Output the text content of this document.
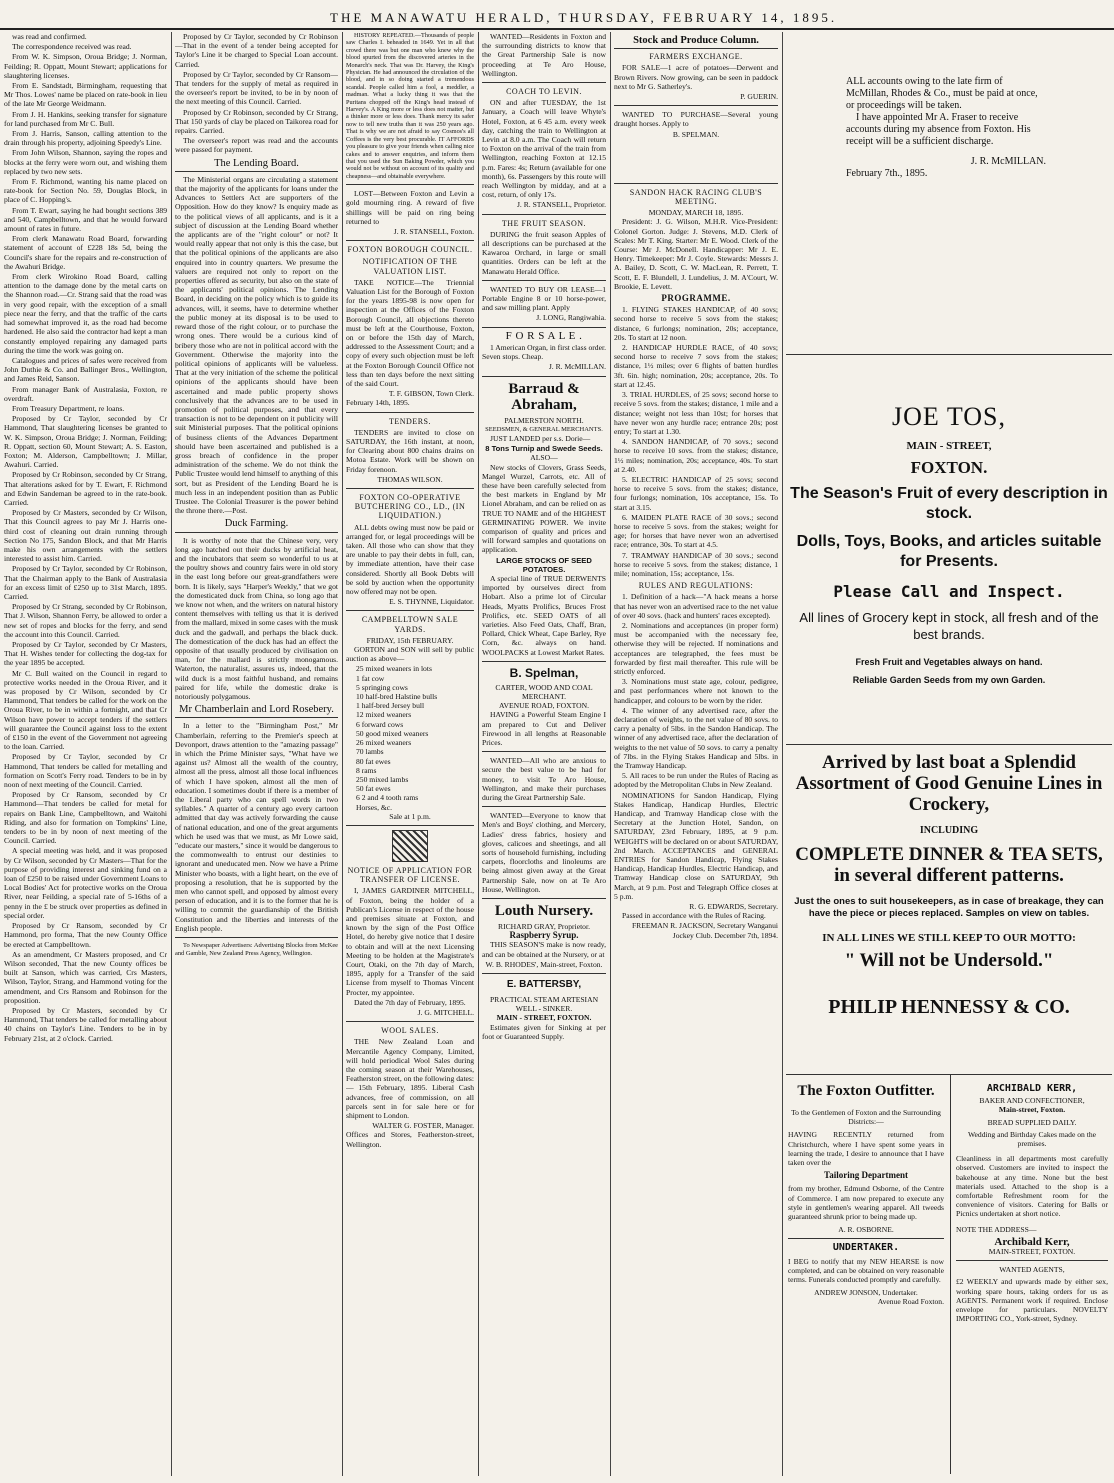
THE MANAWATU HERALD, THURSDAY, FEBRUARY 14, 1895.

was read and confirmed.

The correspondence received was read.

From W. K. Simpson, Oroua Bridge; J. Norman, Feilding; R. Oppatt, Mount Stewart; applications for slaughtering licenses.

From E. Sandstadt, Birmingham, requesting that Mr Thos. Lowes' name be placed on rate-book in lieu of the late Mr George Weidmann.

From J. H. Hankins, seeking transfer for signature for land purchased from Mr C. Bull.

From J. Harris, Sanson, calling attention to the drain through his property, adjoining Speedy's Line.

From John Wilson, Shannon, saying the ropes and blocks at the ferry were worn out, and wishing them replaced by two new sets.

From F. Richmond, wanting his name placed on rate-book for Section No. 59, Douglas Block, in place of C. Hopping's.

From T. Ewart, saying he had bought sections 389 and 540, Campbelltown, and that he would forward amount of rates in future.

From clerk Manawatu Road Board, forwarding statement of account of £228 18s 5d, being the Council's share for the repairs and re-construction of the Awahuri Bridge.

From clerk Wirokino Road Board, calling attention to the damage done by the metal carts on the Shannon road.—Cr. Strang said that the road was in very good repair, with the exception of a small piece near the ferry, and that the traffic of the carts had somewhat improved it, as the road had become hardened. He also said the contractor had kept a man constantly employed repairing any damaged parts during the time the work was going on.

Catalogues and prices of safes were received from John Duthie & Co. and Ballinger Bros., Wellington, and James Reid, Sanson.

From manager Bank of Australasia, Foxton, re overdraft.

From Treasury Department, re loans.

Proposed by Cr Taylor, seconded by Cr Hammond, That slaughtering licenses be granted to W. K. Simpson, Oroua Bridge; J. Norman, Feilding; R. Oppatt, section 60, Mount Stewart; A. S. Easton, Foxton; M. Alderson, Campbelltown; J. Millar, Awahuri. Carried.

Proposed by Cr Robinson, seconded by Cr Strang, That alterations asked for by T. Ewart, F. Richmond and Edwin Sandeman be agreed to in the rate-book. Carried.

Proposed by Cr Masters, seconded by Cr Wilson, That this Council agrees to pay Mr J. Harris one-third cost of cleaning out drain running through Section No 175, Sandon Block, and that Mr Harris make his own arrangements with the settlers interested to assist him. Carried.

Proposed by Cr Taylor, seconded by Cr Robinson, That the Chairman apply to the Bank of Australasia for an excess limit of £250 up to 31st March, 1895. Carried.

Proposed by Cr Strang, seconded by Cr Robinson, That J. Wilson, Shannon Ferry, be allowed to order a new set of ropes and blocks for the ferry, and send the account into this Council. Carried.

Proposed by Cr Taylor, seconded by Cr Masters, That H. Wishes tender for collecting the dog-tax for the year 1895 be accepted.

Mr C. Bull waited on the Council in regard to protective works needed in the Oroua River, and it was proposed by Cr Wilson, seconded by Cr Hammond, That tenders be called for the work on the Oroua River, to be in within a fortnight, and that Cr Wilson have power to accept tenders if the settlers will guarantee the Council against loss to the extent of £150 in the event of the Government not agreeing to the loan. Carried.

Proposed by Cr Taylor, seconded by Cr Hammond, That tenders be called for metalling and formation on Scott's Ferry road. Tenders to be in by noon of next meeting of the Council. Carried.

Proposed by Cr Ransom, seconded by Cr Hammond—That tenders be called for metal for repairs on Bank Line, Campbelltown, and Waitohi Riding, and also for formation on Tompkins' Line, tenders to be in by noon of next meeting of the Council. Carried.

A special meeting was held, and it was proposed by Cr Wilson, seconded by Cr Masters—That for the purpose of providing interest and sinking fund on a loan of £250 to be raised under Government Loans to Local Bodies' Act for protective works on the Oroua River, near Feilding, a special rate of 5-16ths of a penny in the £ be struck over properties as defined in special order.

Proposed by Cr Ransom, seconded by Cr Hammond, pro forma, That the new County Office be erected at Campbelltown.

As an amendment, Cr Masters proposed, and Cr Wilson seconded, That the new County offices be built at Sanson, which was carried, Crs Masters, Wilson, Taylor, Strang, and Hammond voting for the amendment, and Crs Ransom and Robinson for the proposition.

Proposed by Cr Masters, seconded by Cr Hammond, That tenders be called for metalling about 40 chains on Taylor's Line. Tenders to be in by February 21st, at 2 o'clock. Carried.

Proposed by Cr Taylor, seconded by Cr Robinson—That in the event of a tender being accepted for Taylor's Line it be charged to Special Loan account. Carried.

Proposed by Cr Taylor, seconded by Cr Ransom—That tenders for the supply of metal as required in the overseer's report be invited, to be in by noon of the next meeting of this Council. Carried.

Proposed by Cr Robinson, seconded by Cr Strang, That 150 yards of clay be placed on Taikorea road for repairs. Carried.

The overseer's report was read and the accounts were passed for payment.

The Lending Board.

The Ministerial organs are circulating a statement that the majority of the applicants for loans under the Advances to Settlers Act are supporters of the Opposition. How do they know? Is enquiry made as to the political views of all applicants, and is it a subject of discussion at the Lending Board whether the applicants are of the "right colour" or not? It would really appear that not only is this the case, but that the political opinions of the applicants are also enquired into in country quarters. We presume the valuers are required not only to report on the properties offered as security, but also on the state of the applicants' political opinions. The Lending Board, in deciding on the policy which is to guide its advances, will, it seems, have to determine whether the public money at its disposal is to be used to reward those of the right colour, or to purchase the wrong ones. There would be a curious kind of bribery those who are not in political accord with the Government. Otherwise the majority into the political opinions of applicants will be valueless. That at the very initiation of the scheme the political opinions of the applicants should have been ascertained and made public property shows conclusively that the advances are to be used in promotion of political purposes, and that every transaction is not to be dependent on it publicity will suit Ministerial purposes. That the political opinions of business clients of the Advances Department should have been ascertained and published is a gross breach of confidence in the proper administration of the scheme. We do not think the Public Trustee would lend himself to anything of this sort, but as President of the Lending Board he is much less in an independent position than as Public Trustee. The Colonial Treasurer is the power behind the throne there.—Post.

Duck Farming.

It is worthy of note that the Chinese very, very long ago hatched out their ducks by artificial heat, and the incubators that seem so wonderful to us at the poultry shows and country fairs were in old story in the east long before our great-grandfathers were born. It is likely, says "Harper's Weekly," that we got the domesticated duck from China, so long ago that we know not when, and the writers on natural history content themselves with telling us that it is derived from the mallard, mixed in some cases with the musk duck and the gadwall, and perhaps the black duck. The domestication of the duck has had an effect the opposite of that usually produced by civilisation on man, for the mallard is strictly monogamous. Waterton, the naturalist, assures us, indeed, that the wild duck is a most faithful husband, and remains paired for life, while the domestic drake is notoriously polygamous.

Mr Chamberlain and Lord Rosebery.

In a letter to the "Birmingham Post," Mr Chamberlain, referring to the Premier's speech at Devonport, draws attention to the "amazing passage" in which the Prime Minister says, "What have we against us? Almost all the wealth of the country, almost all the press, almost all those local influences of which I have spoken, almost all the men of education. I sometimes doubt if there is a member of the Liberal party who can spell words in two syllables." A quarter of a century ago every cartoon admitted that day was actively forwarding the cause of national education, and one of the great arguments which he used was that we must, as Mr Lowe said, "educate our masters," since it would be dangerous to the commonwealth to entrust our destinies to ignorant and uneducated men. Now we have a Prime Minister who boasts, with a light heart, on the eve of proposing a resolution, that he is supported by the men who cannot spell, and opposed by almost every person of education, and it is to the former that he is willing to commit the guardianship of the British Constitution and the liberties and interests of the English people.

To Newspaper Advertisers: Advertising Blocks from McKee and Gamble, New Zealand Press Agency, Wellington.

HISTORY REPEATED.—Thousands of people saw Charles I. beheaded in 1649. Yet in all that crowd there was but one man who knew why the blood spurted from the discovered arteries in the Monarch's neck. That was Dr. Harvey, the King's Physician. He had announced the circulation of the blood, and in so doing started a tremendous scandal. People called him a fool, a meddler, a madman. What a lucky thing it was that the Puritans chopped off the King's head instead of Harvey's. A King more or less does not matter, but a thinker more or less does. Thank mercy its safer now to tell new truths than it was 250 years ago. That is why we are not afraid to say Cosmos's all Coffees is the very best procurable. IT AFFORDS you pleasure to give your friends when calling nice cakes and to answer enquiries, and inform them that you used the Sun Baking Powder, which you would not be without on account of its quality and cheapness—and obtainable everywhere.

LOST—Between Foxton and Levin a gold mourning ring. A reward of five shillings will be paid on ring being returned to

J. R. STANSELL, Foxton.
FOXTON BOROUGH COUNCIL.
NOTIFICATION OF THE VALUATION LIST.

TAKE NOTICE—The Triennial Valuation List for the Borough of Foxton for the years 1895-98 is now open for inspection at the Offices of the Foxton Borough Council, all objections thereto must be left at the Courthouse, Foxton, on or before the 15th day of March, addressed to the Assessment Court; and a copy of every such objection must be left at the Foxton Borough Council Office not less than ten days before the next sitting of the said Court.

T. F. GIBSON, Town Clerk.
February 14th, 1895.
TENDERS.

TENDERS are invited to close on SATURDAY, the 16th instant, at noon, for Clearing about 800 chains drains on Motoa Estate. Work will be shown on Friday forenoon.

THOMAS WILSON.
FOXTON CO-OPERATIVE BUTCHERING CO., LD., (IN LIQUIDATION.)

ALL debts owing must now be paid or arranged for, or legal proceedings will be taken. All those who can show that they are unable to pay their debts in full, can, by immediate attention, have their case considered. Shortly all Book Debts will be sold by auction when the opportunity now offered may not be open.

E. S. THYNNE, Liquidator.
CAMPBELLTOWN SALE YARDS.
FRIDAY, 15th FEBRUARY.

GORTON and SON will sell by public auction as above—

25 mixed weaners in lots
1 fat cow
5 springing cows
10 half-bred Halstine bulls
1 half-bred Jersey bull
12 mixed weaners
6 forward cows
50 good mixed weaners
26 mixed weaners
70 lambs
80 fat ewes
8 rams
250 mixed lambs
50 fat ewes
6 2 and 4 tooth rams
Horses, &c.
Sale at 1 p.m.
NOTICE OF APPLICATION FOR TRANSFER OF LICENSE.

I, JAMES GARDINER MITCHELL, of Foxton, being the holder of a Publican's License in respect of the house and premises situate at Foxton, and known by the sign of the Post Office Hotel, do hereby give notice that I desire to obtain and will at the next Licensing Meeting to be holden at the Magistrate's Court, Otaki, on the 7th day of March, 1895, apply for a Transfer of the said License from myself to Thomas Vincent Procter, my appointee.

Dated the 7th day of February, 1895.

J. G. MITCHELL.
WOOL SALES.

THE New Zealand Loan and Mercantile Agency Company, Limited, will hold periodical Wool Sales during the coming season at their Warehouses, Featherston street, on the following dates:— 15th February, 1895. Liberal Cash advances, free of commission, on all parcels sent in for sale here or for shipment to London.

WALTER G. FOSTER, Manager.
Offices and Stores, Featherston-street, Wellington.

WANTED—Residents in Foxton and the surrounding districts to know that the Great Partnership Sale is now proceeding at Te Aro House, Wellington.

COACH TO LEVIN.

ON and after TUESDAY, the 1st January, a Coach will leave Whyte's Hotel, Foxton, at 6 45 a.m. every week day, catching the train to Wellington at Levin at 8.0 a.m. The Coach will return to Foxton on the arrival of the train from Wellington, reaching Foxton at 12.15 p.m. Fares: 4s; Return (available for one month), 6s. Passengers by this route will reach Wellington by midday, and at a cost, return, of only 17s.

J. R. STANSELL, Proprietor.
THE FRUIT SEASON.

DURING the fruit season Apples of all descriptions can be purchased at the Kawaroa Orchard, in large or small quantities. Orders can be left at the Manawatu Herald Office.

WANTED TO BUY OR LEASE—1 Portable Engine 8 or 10 horse-power, and saw milling plant. Apply

J. LONG, Rangiwahia.
F O R S A L E .

1 American Organ, in first class order. Seven stops. Cheap.

J. R. McMILLAN.
Barraud & Abraham,
PALMERSTON NORTH.
SEEDSMEN, & GENERAL MERCHANTS.

JUST LANDED per s.s. Dorie—

8 Tons Turnip and Swede Seeds.
ALSO—

New stocks of Clovers, Grass Seeds, Mangel Wurzel, Carrots, etc. All of these have been carefully selected from the best markets in England by Mr Lionel Abraham, and can be relied on as TRUE TO NAME and of the HIGHEST GERMINATING POWER. We invite comparison of quality and prices and will forward samples and quotations on application.

LARGE STOCKS OF SEED POTATOES.

A special line of TRUE DERWENTS imported by ourselves direct from Hobart. Also a prime lot of Circular Heads, Myatts Prolifics, Bruces Frost Prolifics, etc. SEED OATS of all varieties. Also Feed Oats, Chaff, Bran, Pollard, Chick Wheat, Cape Barley, Rye Corn, &c. always on hand. WOOLPACKS at Lowest Market Rates.

B. Spelman,
CARTER, WOOD AND COAL MERCHANT.
AVENUE ROAD, FOXTON.

HAVING a Powerful Steam Engine I am prepared to Cut and Deliver Firewood in all lengths at Reasonable Prices.

WANTED—All who are anxious to secure the best value to be had for money, to visit Te Aro House, Wellington, and make their purchases during the Great Partnership Sale.

WANTED—Everyone to know that Men's and Boys' clothing, and Mercery, Ladies' dress fabrics, hosiery and gloves, calicoes and sheetings, and all sorts of household furnishing, including carpets, floorcloths and linoleums are being almost given away at the Great Partnership Sale, now on at Te Aro House, Wellington.

Louth Nursery.
RICHARD GRAY, Proprietor.
Raspberry Syrup.

THIS SEASON'S make is now ready, and can be obtained at the Nursery, or at

W. B. RHODES', Main-street, Foxton.
E. BATTERSBY,
PRACTICAL STEAM ARTESIAN WELL - SINKER.
MAIN - STREET, FOXTON.

Estimates given for Sinking at per foot or Guaranteed Supply.

Stock and Produce Column.
FARMERS EXCHANGE.

FOR SALE—1 acre of potatoes—Derwent and Brown Rivers. Now growing, can be seen in paddock next to Mr G. Satherley's.

P. GUERIN.

WANTED TO PURCHASE—Several young draught horses. Apply to

B. SPELMAN.
SANDON HACK RACING CLUB'S MEETING.
MONDAY, MARCH 18, 1895.

President: J. G. Wilson, M.H.R. Vice-President: Colonel Gorton. Judge: J. Stevens, M.D. Clerk of Scales: Mr T. King. Starter: Mr E. Wood. Clerk of the Course: Mr J. McDonell. Handicapper: Mr J. E. Henry. Timekeeper: Mr J. Coyle. Stewards: Messrs J. A. Bailey, D. Scott, C. W. MacLean, R. Perrett, T. Scott, E. F. Blundell, J. Lundelius, J. M. A'Court, W. Brookie, E. Levett.

PROGRAMME.

1. FLYING STAKES HANDICAP, of 40 sovs; second horse to receive 5 sovs from the stakes; distance, 6 furlongs; nomination, 20s; acceptance, 20s. To start at 12 noon.

2. HANDICAP HURDLE RACE, of 40 sovs; second horse to receive 7 sovs from the stakes; distance, 1½ miles; over 6 flights of batten hurdles 3ft. 6in. high; nomination, 20s; acceptance, 20s. To start at 12.45.

3. TRIAL HURDLES, of 25 sovs; second horse to receive 5 sovs. from the stakes; distance, 1 mile and a distance; weight not less than 10st; for horses that have never won any hurdle race; entrance 20s; post entry; To start at 1.30.

4. SANDON HANDICAP, of 70 sovs.; second horse to receive 10 sovs. from the stakes; distance, 1½ miles; nomination, 20s; acceptance, 40s. To start at 2.40.

5. ELECTRIC HANDICAP of 25 sovs; second horse to receive 5 sovs. from the stakes; distance, four furlongs; nomination, 10s acceptance, 15s. To start at 3.15.

6. MAIDEN PLATE RACE of 30 sovs.; second horse to receive 5 sovs. from the stakes; weight for age; for horses that have never won an advertised race; entrance, 30s. To start at 4.5.

7. TRAMWAY HANDICAP of 30 sovs.; second horse to receive 5 sovs. from the stakes; distance, 1 mile; nomination, 15s; acceptance, 15s.

RULES AND REGULATIONS:

1. Definition of a hack—"A hack means a horse that has never won an advertised race to the net value of over 40 sovs. (hack and hunters' races excepted).

2. Nominations and acceptances (in proper form) must be accompanied with the necessary fee, otherwise they will be rejected. If nominations and acceptances are telegraphed, the fees must be forwarded by first mail thereafter. This rule will be strictly enforced.

3. Nominations must state age, colour, pedigree, and past performances where not known to the handicapper, and colours to be worn by the rider.

4. The winner of any advertised race, after the declaration of weights, to the net value of 80 sovs. to carry a penalty of 5lbs. in the Sandon Handicap. The winner of any advertised race, after the declaration of weights to the net value of 50 sovs. to carry a penalty of 7lbs. in the Flying Stakes Handicap and 5lbs. in the Tramway Handicap.

5. All races to be run under the Rules of Racing as adopted by the Metropolitan Clubs in New Zealand.

NOMINATIONS for Sandon Handicap, Flying Stakes Handicap, Handicap Hurdles, Electric Handicap, and Tramway Handicap close with the Secretary at the Junction Hotel, Sandon, on SATURDAY, 23rd February, 1895, at 9 p.m. WEIGHTS will be declared on or about SATURDAY, 2nd March. ACCEPTANCES and GENERAL ENTRIES for Sandon Handicap, Flying Stakes Handicap, Handicap Hurdles, Electric Handicap, and Tramway Handicap close on SATURDAY, 9th March, at 9 p.m. Post and Telegraph Office closes at 5 p.m.

R. G. EDWARDS, Secretary.

Passed in accordance with the Rules of Racing.

FREEMAN R. JACKSON, Secretary Wanganui Jockey Club. December 7th, 1894.

ALL accounts owing to the late firm of McMillan, Rhodes & Co., must be paid at once, or proceedings will be taken.

I have appointed Mr A. Fraser to receive accounts during my absence from Foxton. His receipt will be a sufficient discharge.

J. R. McMILLAN.
February 7th., 1895.
JOE TOS,
MAIN - STREET,
FOXTON.
The Season's Fruit of every description in stock.
Dolls, Toys, Books, and articles suitable for Presents.
Please Call and Inspect.
All lines of Grocery kept in stock, all fresh and of the best brands.
Fresh Fruit and Vegetables always on hand.
Reliable Garden Seeds from my own Garden.
Arrived by last boat a Splendid Assortment of Good Genuine Lines in Crockery,
INCLUDING
COMPLETE DINNER & TEA SETS, in several different patterns.
Just the ones to suit housekeepers, as in case of breakage, they can have the piece or pieces replaced. Samples on view on tables.
IN ALL LINES WE STILL KEEP TO OUR MOTTO:
" Will not be Undersold."
PHILIP HENNESSY & CO.
The Foxton Outfitter.
To the Gentlemen of Foxton and the Surrounding Districts:—

HAVING RECENTLY returned from Christchurch, where I have spent some years in learning the trade, I desire to announce that I have taken over the

Tailoring Department

from my brother, Edmund Osborne, of the Centre of Commerce. I am now prepared to execute any style in gentlemen's wearing apparel. All tweeds guaranteed shrunk prior to being made up.

A. R. OSBORNE.
UNDERTAKER.

I BEG to notify that my NEW HEARSE is now completed, and can be obtained on very reasonable terms. Funerals conducted promptly and carefully.

ANDREW JONSON, Undertaker.
Avenue Road Foxton.
ARCHIBALD KERR,
BAKER AND CONFECTIONER,
Main-street, Foxton.
BREAD SUPPLIED DAILY.
Wedding and Birthday Cakes made on the premises.

Cleanliness in all departments most carefully observed. Customers are invited to inspect the bakehouse at any time. None but the best materials used. Attached to the shop is a comfortable Refreshment room for the convenience of visitors. Catering for Balls or Picnics undertaken at short notice.

NOTE THE ADDRESS—
Archibald Kerr,
MAIN-STREET, FOXTON.
WANTED AGENTS,

£2 WEEKLY and upwards made by either sex, working spare hours, taking orders for us as AGENTS. Permanent work if required. Enclose envelope for particulars. NOVELTY IMPORTING CO., York-street, Sydney.
